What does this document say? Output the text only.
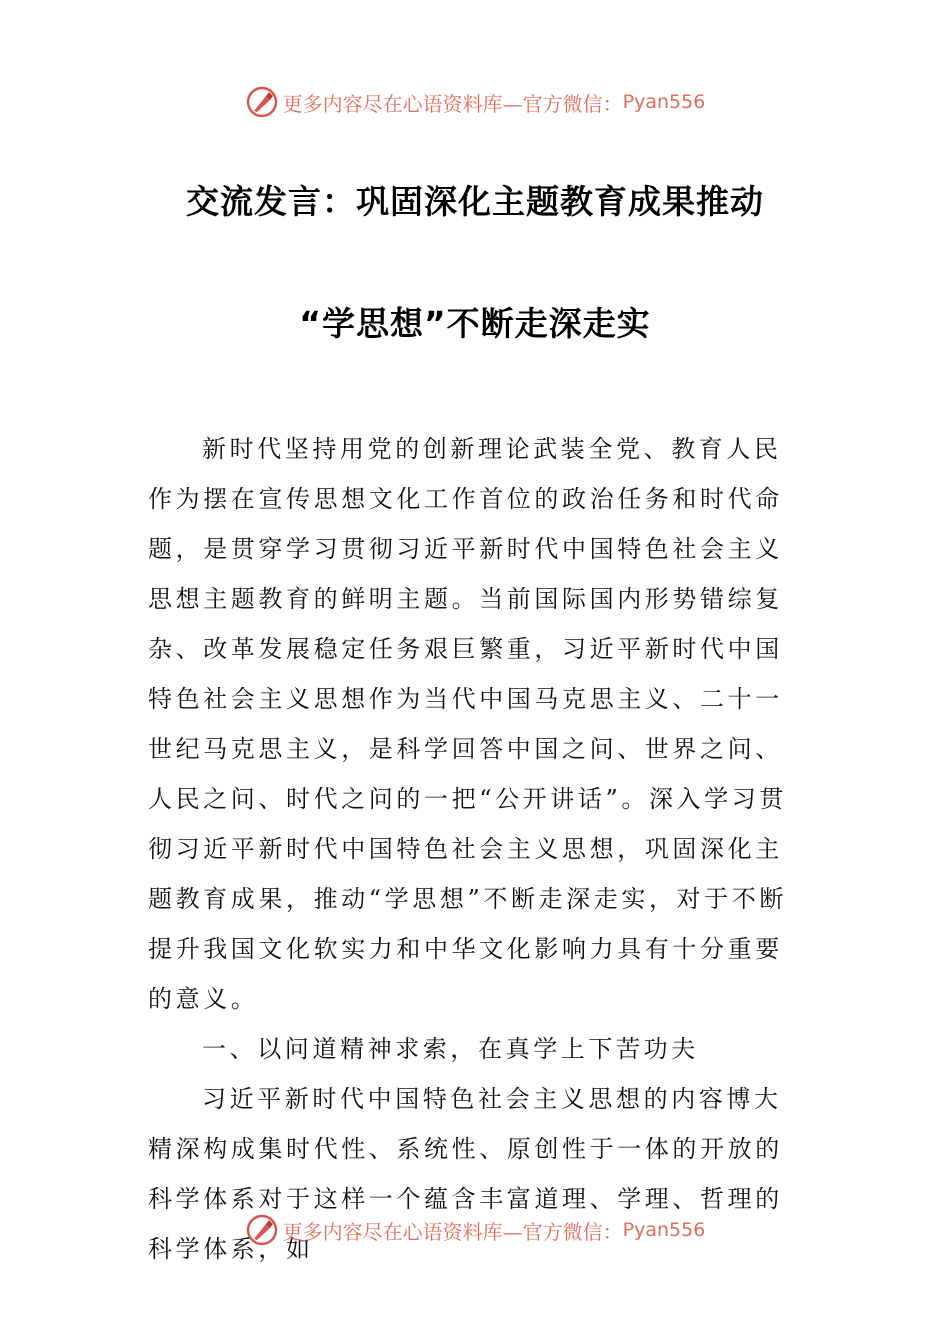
更多内容尽在心语资料库—官方微信： Pyan556
交流发言：巩固深化主题教育成果推动
“学思想”不断走深走实

新时代坚持用党的创新理论武装全党、教育人民作为摆在宣传思想文化工作首位的政治任务和时代命题，是贯穿学习贯彻习近平新时代中国特色社会主义思想主题教育的鲜明主题。当前国际国内形势错综复杂、改革发展稳定任务艰巨繁重，习近平新时代中国特色社会主义思想作为当代中国马克思主义、二十一世纪马克思主义，是科学回答中国之问、世界之问、人民之问、时代之问的一把“公开讲话”。深入学习贯彻习近平新时代中国特色社会主义思想，巩固深化主题教育成果，推动“学思想”不断走深走实，对于不断提升我国文化软实力和中华文化影响力具有十分重要的意义。

一、以问道精神求索，在真学上下苦功夫

习近平新时代中国特色社会主义思想的内容博大精深构成集时代性、系统性、原创性于一体的开放的科学体系对于这样一个蕴含丰富道理、学理、哲理的科学体系，如

更多内容尽在心语资料库—官方微信： Pyan556
